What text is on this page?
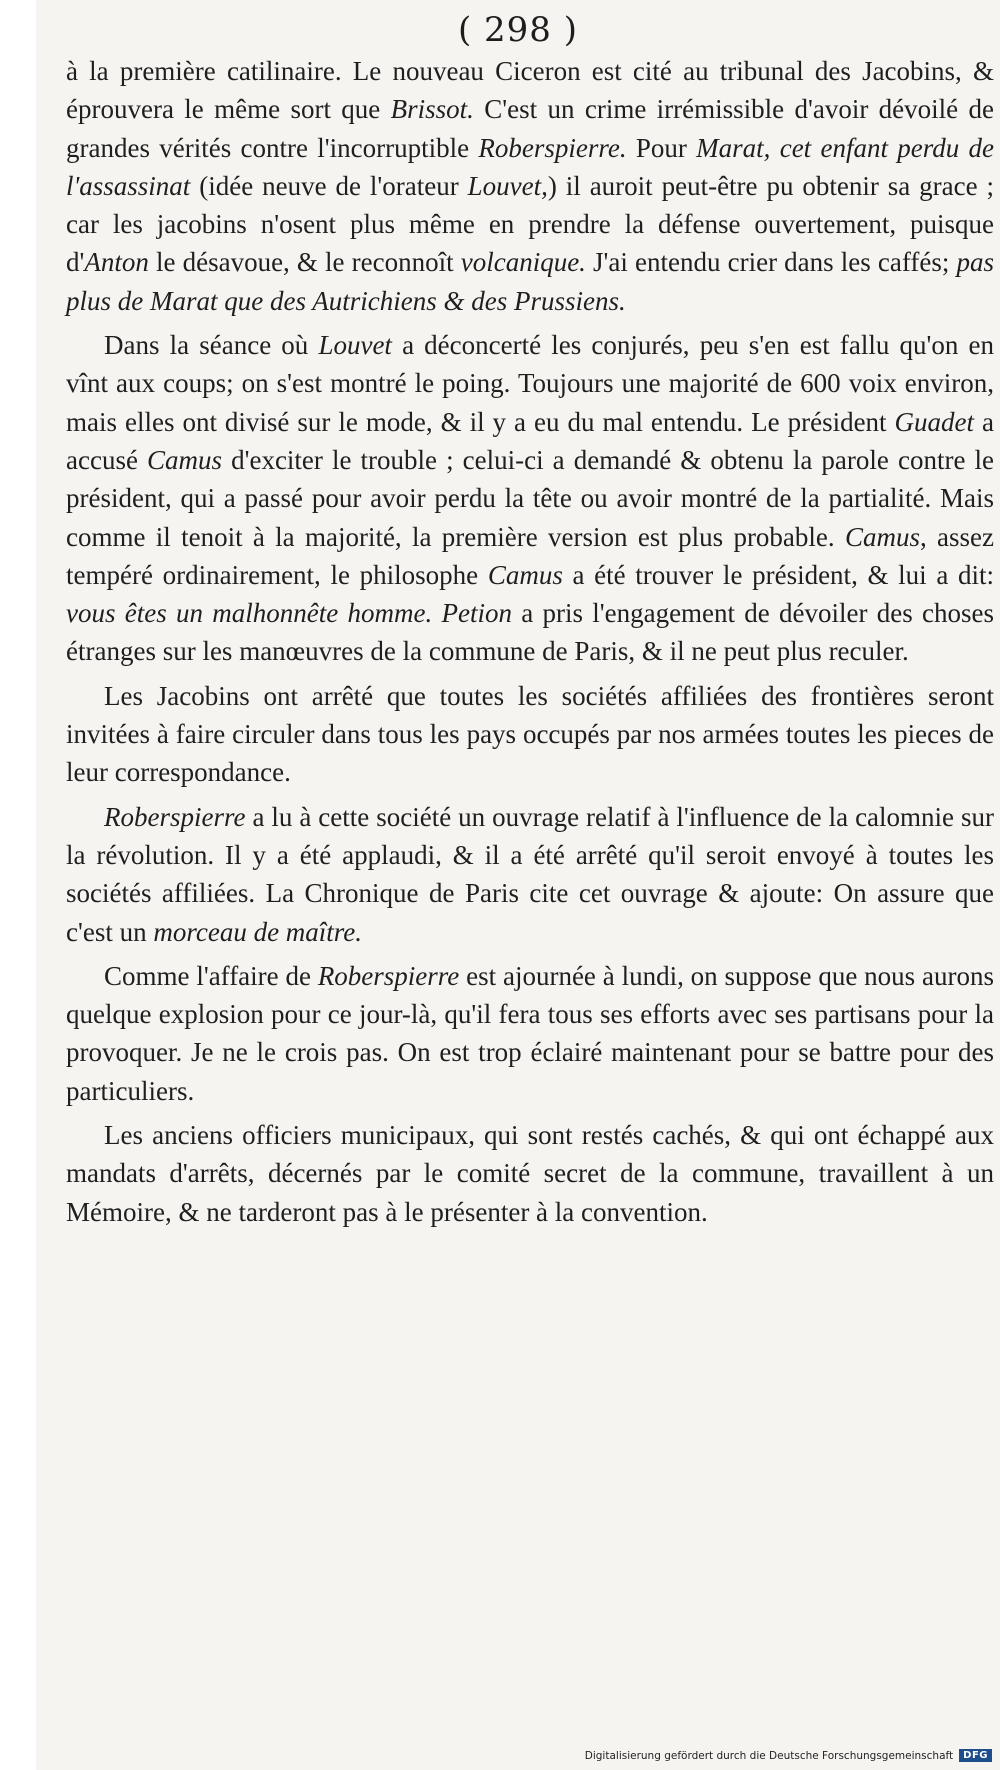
( 298 )

à la première catilinaire. Le nouveau Ciceron est cité au tribunal des Jacobins, & éprouvera le même sort que Brissot. C'est un crime irrémissible d'avoir dévoilé de grandes vérités contre l'incorruptible Roberspierre. Pour Marat, cet enfant perdu de l'assassinat (idée neuve de l'orateur Louvet,) il auroit peut-être pu obtenir sa grace ; car les jacobins n'osent plus même en prendre la défense ouvertement, puisque d'Anton le désavoue, & le reconnoît volcanique. J'ai entendu crier dans les caffés; pas plus de Marat que des Autrichiens & des Prussiens.

Dans la séance où Louvet a déconcerté les conjurés, peu s'en est fallu qu'on en vînt aux coups; on s'est montré le poing. Toujours une majorité de 600 voix environ, mais elles ont divisé sur le mode, & il y a eu du mal entendu. Le président Guadet a accusé Camus d'exciter le trouble ; celui-ci a demandé & obtenu la parole contre le président, qui a passé pour avoir perdu la tête ou avoir montré de la partialité. Mais comme il tenoit à la majorité, la première version est plus probable. Camus, assez tempéré ordinairement, le philosophe Camus a été trouver le président, & lui a dit: vous êtes un malhonnête homme. Petion a pris l'engagement de dévoiler des choses étranges sur les manœuvres de la commune de Paris, & il ne peut plus reculer.

Les Jacobins ont arrêté que toutes les sociétés affiliées des frontières seront invitées à faire circuler dans tous les pays occupés par nos armées toutes les pieces de leur correspondance.

Roberspierre a lu à cette société un ouvrage relatif à l'influence de la calomnie sur la révolution. Il y a été applaudi, & il a été arrêté qu'il seroit envoyé à toutes les sociétés affiliées. La Chronique de Paris cite cet ouvrage & ajoute: On assure que c'est un morceau de maître.

Comme l'affaire de Roberspierre est ajournée à lundi, on suppose que nous aurons quelque explosion pour ce jour-là, qu'il fera tous ses efforts avec ses partisans pour la provoquer. Je ne le crois pas. On est trop éclairé maintenant pour se battre pour des particuliers.

Les anciens officiers municipaux, qui sont restés cachés, & qui ont échappé aux mandats d'arrêts, décernés par le comité secret de la commune, travaillent à un Mémoire, & ne tarderont pas à le présenter à la convention.

Digitalisierung gefördert durch die Deutsche Forschungsgemeinschaft	DFG
